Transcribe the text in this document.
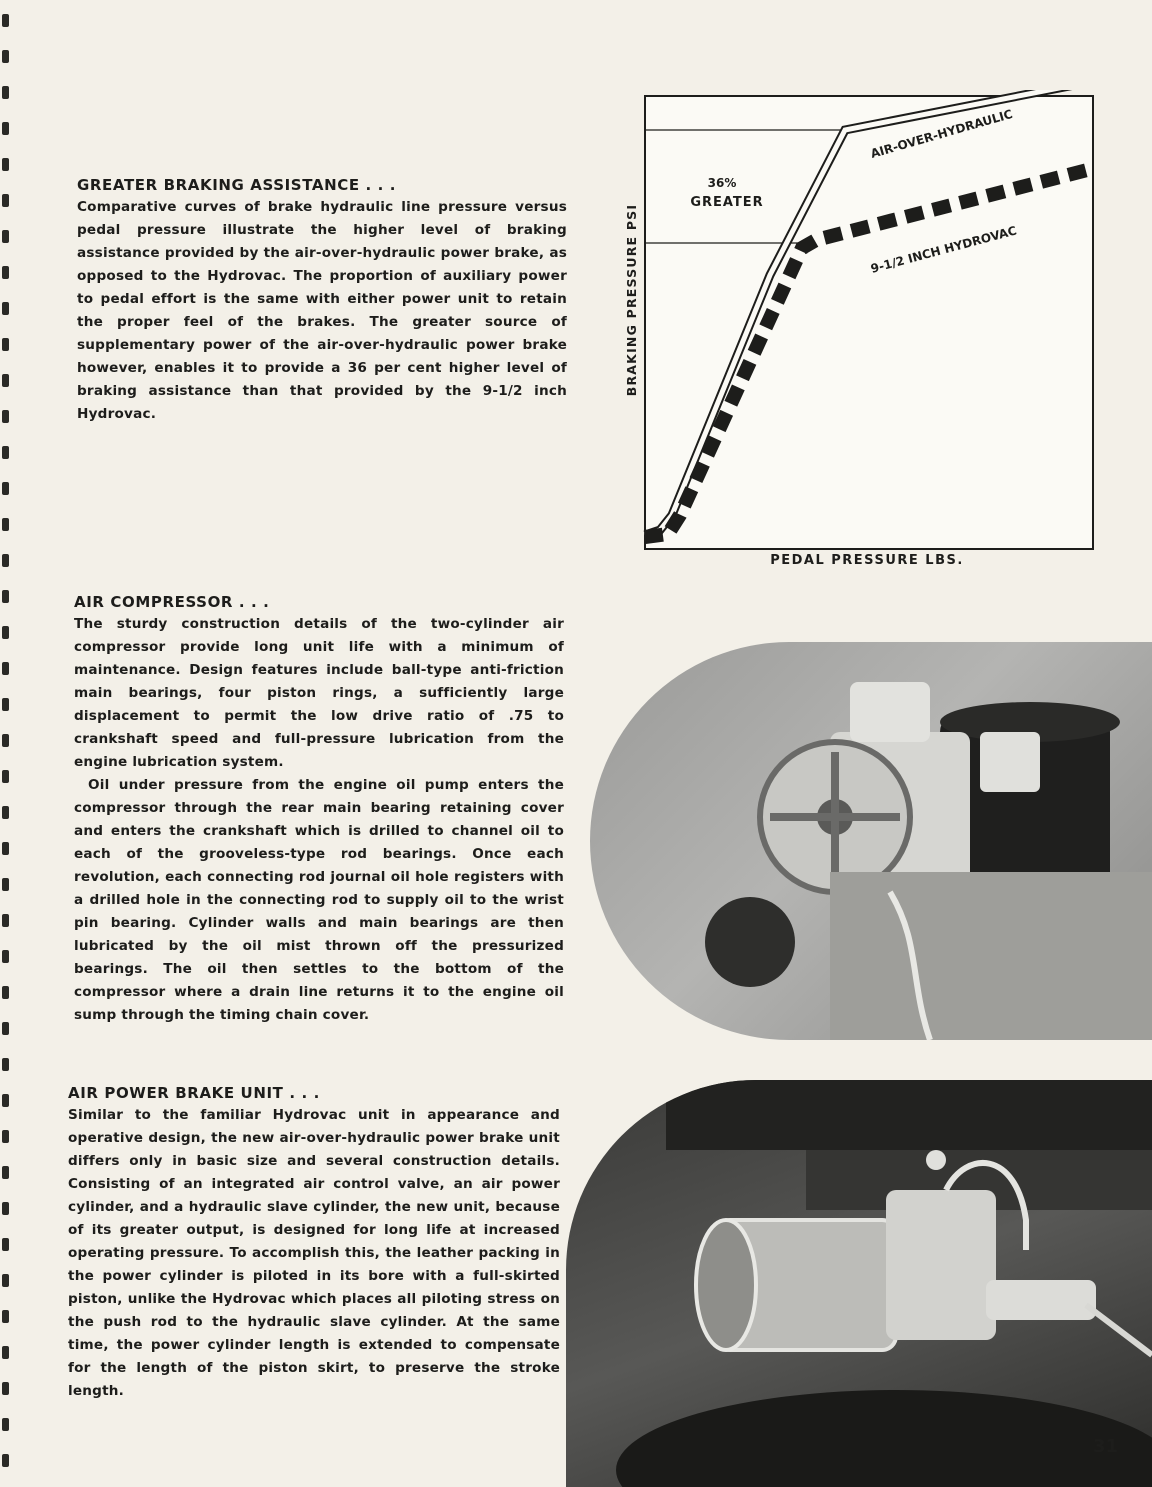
GREATER BRAKING ASSISTANCE . . .

Comparative curves of brake hydraulic line pressure versus pedal pressure illustrate the higher level of braking assistance provided by the air-over-hydraulic power brake, as opposed to the Hydrovac. The proportion of auxiliary power to pedal effort is the same with either power unit to retain the proper feel of the brakes. The greater source of supplementary power of the air-over-hydraulic power brake however, enables it to provide a 36 per cent higher level of braking assistance than that provided by the 9-1/2 inch Hydrovac.

AIR-OVER-HYDRAULIC
9-1/2 INCH HYDROVAC
36%
GREATER
BRAKING PRESSURE PSI
PEDAL PRESSURE LBS.
AIR COMPRESSOR . . .

The sturdy construction details of the two-cylinder air compressor provide long unit life with a minimum of maintenance. Design features include ball-type anti-friction main bearings, four piston rings, a sufficiently large displacement to permit the low drive ratio of .75 to crankshaft speed and full-pressure lubrication from the engine lubrication system.

Oil under pressure from the engine oil pump enters the compressor through the rear main bearing retaining cover and enters the crankshaft which is drilled to channel oil to each of the grooveless-type rod bearings. Once each revolution, each connecting rod journal oil hole registers with a drilled hole in the connecting rod to supply oil to the wrist pin bearing. Cylinder walls and main bearings are then lubricated by the oil mist thrown off the pressurized bearings. The oil then settles to the bottom of the compressor where a drain line returns it to the engine oil sump through the timing chain cover.

AIR POWER BRAKE UNIT . . .

Similar to the familiar Hydrovac unit in appearance and operative design, the new air-over-hydraulic power brake unit differs only in basic size and several construction details. Consisting of an integrated air control valve, an air power cylinder, and a hydraulic slave cylinder, the new unit, because of its greater output, is designed for long life at increased operating pressure. To accomplish this, the leather packing in the power cylinder is piloted in its bore with a full-skirted piston, unlike the Hydrovac which places all piloting stress on the push rod to the hydraulic slave cylinder. At the same time, the power cylinder length is extended to compensate for the length of the piston skirt, to preserve the stroke length.

31
